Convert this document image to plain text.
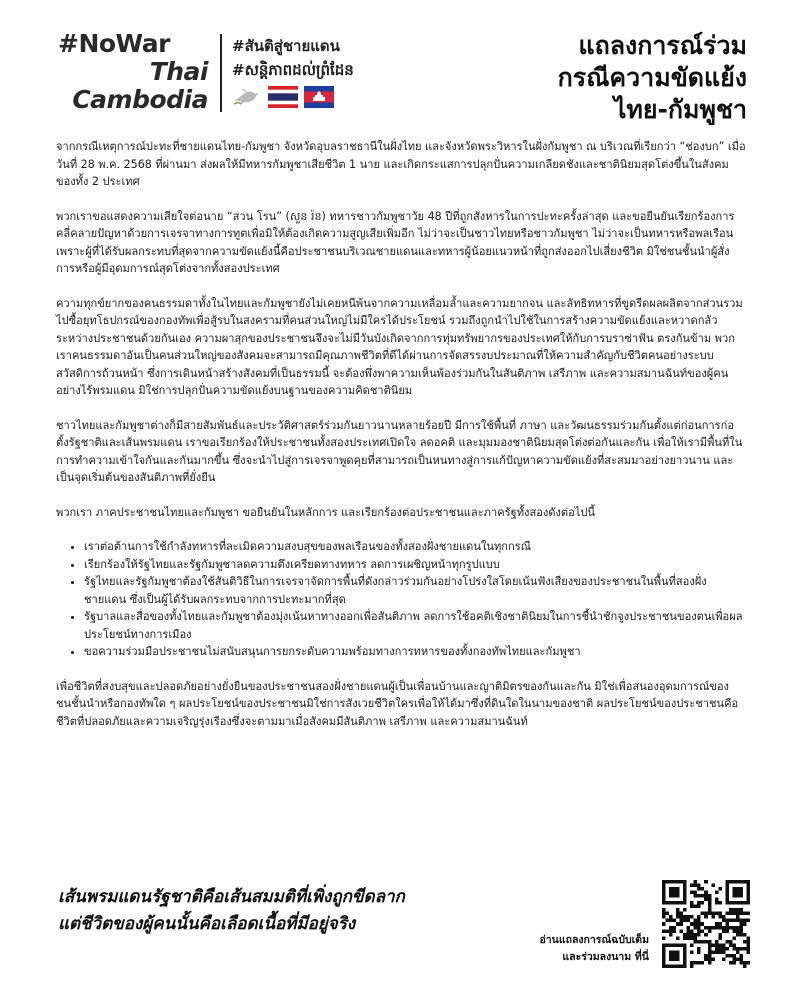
#NoWar
Thai
Cambodia
#สันติสู่ชายแดน
#សន្តិភាពដល់ព្រំដែន
แถลงการณ์ร่วม
กรณีความขัดแย้ง
ไทย-กัมพูชา

จากกรณีเหตุการณ์ปะทะที่ชายแดนไทย-กัมพูชา จังหวัดอุบลราชธานีในฝั่งไทย และจังหวัดพระวิหารในฝั่งกัมพูชา ณ บริเวณที่เรียกว่า “ช่องบก” เมื่อวันที่ 28 พ.ค. 2568 ที่ผ่านมา ส่งผลให้มีทหารกัมพูชาเสียชีวิต 1 นาย และเกิดกระแสการปลุกปั่นความเกลียดชังและชาตินิยมสุดโต่งขึ้นในสังคมของทั้ง 2 ประเทศ

พวกเราขอแสดงความเสียใจต่อนาย “สวน โรน” (សួន រ៉ន) ทหารชาวกัมพูชาวัย 48 ปีที่ถูกสังหารในการปะทะครั้งล่าสุด และขอยืนยันเรียกร้องการคลี่คลายปัญหาด้วยการเจรจาทางการทูตเพื่อมิให้ต้องเกิดความสูญเสียเพิ่มอีก ไม่ว่าจะเป็นชาวไทยหรือชาวกัมพูชา ไม่ว่าจะเป็นทหารหรือพลเรือน เพราะผู้ที่ได้รับผลกระทบที่สุดจากความขัดแย้งนี้คือประชาชนบริเวณชายแดนและทหารผู้น้อยแนวหน้าที่ถูกส่งออกไปเสี่ยงชีวิต มิใช่ชนชั้นนำผู้สั่งการหรือผู้มีอุดมการณ์สุดโต่งจากทั้งสองประเทศ

ความทุกข์ยากของคนธรรมดาทั้งในไทยและกัมพูชายังไม่เคยหนีพ้นจากความเหลื่อมล้ำและความยากจน และลัทธิทหารที่ขูดรีดผลผลิตจากส่วนรวมไปซื้อยุทโธปกรณ์ของกองทัพเพื่อสู้รบในสงครามที่คนส่วนใหญ่ไม่มีใครได้ประโยชน์ รวมถึงถูกนำไปใช้ในการสร้างความขัดแย้งและหวาดกลัวระหว่างประชาชนด้วยกันเอง ความผาสุกของประชาชนจึงจะไม่มีวันบังเกิดจากการทุ่มทรัพยากรของประเทศให้กับการบราซ่าฟัน ตรงกันข้าม พวกเราคนธรรมดาอันเป็นคนส่วนใหญ่ของสังคมจะสามารถมีคุณภาพชีวิตที่ดีได้ผ่านการจัดสรรงบประมาณที่ให้ความสำคัญกับชีวิตคนอย่างระบบสวัสดิการถ้วนหน้า ซึ่งการเดินหน้าสร้างสังคมที่เป็นธรรมนี้ จะต้องพึ่งพาความเห็นพ้องร่วมกันในสันติภาพ เสรีภาพ และความสมานฉันท์ของผู้คนอย่างไร้พรมแดน มิใช่การปลุกปั่นความขัดแย้งบนฐานของความคิดชาตินิยม

ชาวไทยและกัมพูชาต่างก็มีสายสัมพันธ์และประวัติศาสตร์ร่วมกันยาวนานหลายร้อยปี มีการใช้พื้นที่ ภาษา และวัฒนธรรมร่วมกันตั้งแต่ก่อนการก่อตั้งรัฐชาติและเส้นพรมแดน เราขอเรียกร้องให้ประชาชนทั้งสองประเทศเปิดใจ ลดอคติ และมุมมองชาตินิยมสุดโต่งต่อกันและกัน เพื่อให้เรามีพื้นที่ในการทำความเข้าใจกันและกันมากขึ้น ซึ่งจะนำไปสู่การเจรจาพูดคุยที่สามารถเป็นหนทางสู่การแก้ปัญหาความขัดแย้งที่สะสมมาอย่างยาวนาน และเป็นจุดเริ่มต้นของสันติภาพที่ยั่งยืน

พวกเรา ภาคประชาชนไทยและกัมพูชา ขอยืนยันในหลักการ และเรียกร้องต่อประชาชนและภาครัฐทั้งสองดังต่อไปนี้

• เราต่อต้านการใช้กำลังทหารที่ละเมิดความสงบสุขของพลเรือนของทั้งสองฝั่งชายแดนในทุกกรณี
• เรียกร้องให้รัฐไทยและรัฐกัมพูชาลดความตึงเครียดทางทหาร ลดการเผชิญหน้าทุกรูปแบบ
• รัฐไทยและรัฐกัมพูชาต้องใช้สันติวิธีในการเจรจาจัดการพื้นที่ดังกล่าวร่วมกันอย่างโปร่งใสโดยเน้นฟังเสียงของประชาชนในพื้นที่สองฝั่งชายแดน ซึ่งเป็นผู้ได้รับผลกระทบจากการปะทะมากที่สุด
• รัฐบาลและสื่อของทั้งไทยและกัมพูชาต้องมุ่งเน้นหาทางออกเพื่อสันติภาพ ลดการใช้อคติเชิงชาตินิยมในการชี้นำชักจูงประชาชนของตนเพื่อผลประโยชน์ทางการเมือง
• ขอความร่วมมือประชาชนไม่สนับสนุนการยกระดับความพร้อมทางการทหารของทั้งกองทัพไทยและกัมพูชา

เพื่อชีวิตที่สงบสุขและปลอดภัยอย่างยั่งยืนของประชาชนสองฝั่งชายแดนผู้เป็นเพื่อนบ้านและญาติมิตรของกันและกัน มิใช่เพื่อสนองอุดมการณ์ของชนชั้นนำหรือกองทัพใด ๆ ผลประโยชน์ของประชาชนมิใช่การสังเวยชีวิตใครเพื่อให้ได้มาซึ่งที่ดินใดในนามของชาติ ผลประโยชน์ของประชาชนคือชีวิตที่ปลอดภัยและความเจริญรุ่งเรืองซึ่งจะตามมาเมื่อสังคมมีสันติภาพ เสรีภาพ และความสมานฉันท์

เส้นพรมแดนรัฐชาติคือเส้นสมมติที่เพิ่งถูกขีดลาก
แต่ชีวิตของผู้คนนั้นคือเลือดเนื้อที่มีอยู่จริง
อ่านแถลงการณ์ฉบับเต็ม
และร่วมลงนาม ที่นี่
